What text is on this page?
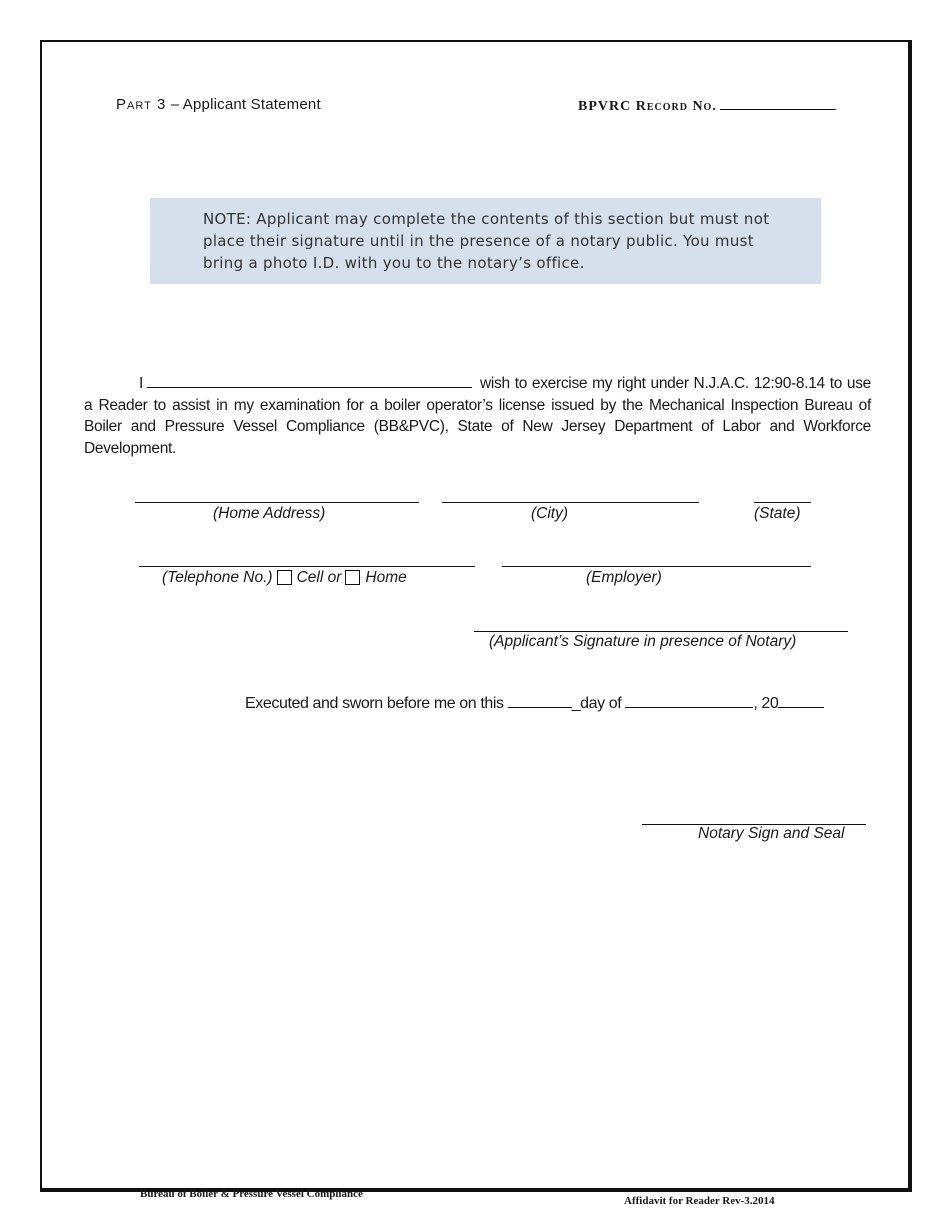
Part 3 – Applicant Statement	BPVRC Record No.
NOTE: Applicant may complete the contents of this section but must not place their signature until in the presence of a notary public. You must bring a photo I.D. with you to the notary’s office.
I	wish to exercise my right under N.J.A.C. 12:90-8.14 to use a Reader to assist in my examination for a boiler operator’s license issued by the Mechanical Inspection Bureau of Boiler and Pressure Vessel Compliance (BB&PVC), State of New Jersey Department of Labor and Workforce Development.
(Home Address)	(City)	(State)
(Telephone No.) Cell or Home	(Employer)
(Applicant’s Signature in presence of Notary)
Executed and sworn before me on this	_day of	, 20
Notary Sign and Seal
Bureau of Boiler & Pressure Vessel Compliance
Affidavit for Reader Rev-3.2014
